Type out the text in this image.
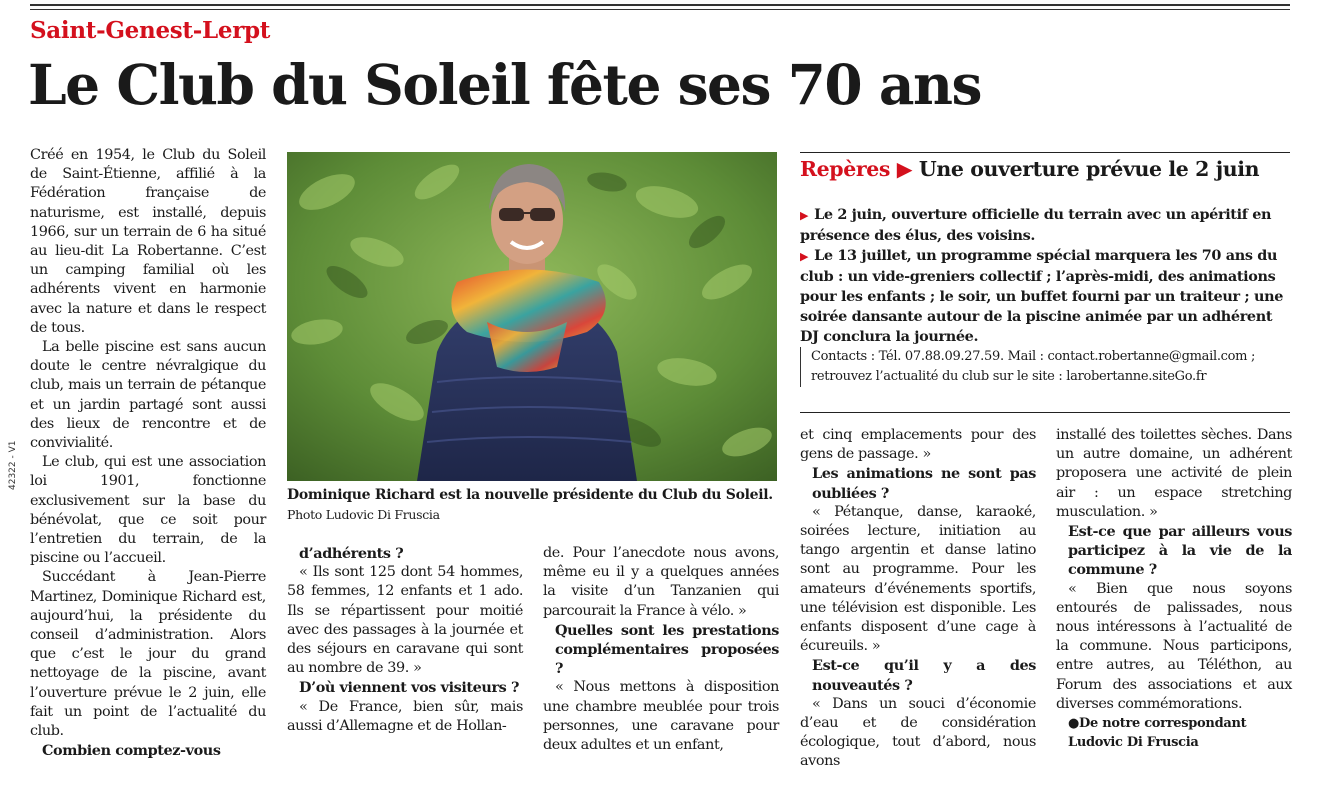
Saint-Genest-Lerpt
Le Club du Soleil fête ses 70 ans
42322 - V1

Créé en 1954, le Club du Soleil de Saint-Étienne, affilié à la Fédération française de naturisme, est installé, depuis 1966, sur un terrain de 6 ha situé au lieu-dit La Robertanne. C’est un camping familial où les adhérents vivent en harmonie avec la nature et dans le respect de tous.

La belle piscine est sans aucun doute le centre névralgique du club, mais un terrain de pétanque et un jardin partagé sont aussi des lieux de rencontre et de convivialité.

Le club, qui est une association loi 1901, fonctionne exclusivement sur la base du bénévolat, que ce soit pour l’entretien du terrain, de la piscine ou l’accueil.

Succédant à Jean-Pierre Martinez, Dominique Richard est, aujourd’hui, la présidente du conseil d’administration. Alors que c’est le jour du grand nettoyage de la piscine, avant l’ouverture prévue le 2 juin, elle fait un point de l’actualité du club.

Combien comptez-vous

Dominique Richard est la nouvelle présidente du Club du Soleil. Photo Ludovic Di Fruscia

d’adhérents ?

« Ils sont 125 dont 54 hommes, 58 femmes, 12 enfants et 1 ado. Ils se répartissent pour moitié avec des passages à la journée et des séjours en caravane qui sont au nombre de 39. »

D’où viennent vos visiteurs ?

« De France, bien sûr, mais aussi d’Allemagne et de Hollan-

de. Pour l’anecdote nous avons, même eu il y a quelques années la visite d’un Tanzanien qui parcourait la France à vélo. »

Quelles sont les prestations complémentaires proposées ?

« Nous mettons à disposition une chambre meublée pour trois personnes, une caravane pour deux adultes et un enfant,

Repères ▶ Une ouverture prévue le 2 juin
▶ Le 2 juin, ouverture officielle du terrain avec un apéritif en présence des élus, des voisins.
▶ Le 13 juillet, un programme spécial marquera les 70 ans du club : un vide-greniers collectif ; l’après-midi, des animations pour les enfants ; le soir, un buffet fourni par un traiteur ; une soirée dansante autour de la piscine animée par un adhérent DJ conclura la journée.
Contacts : Tél. 07.88.09.27.59. Mail : contact.robertanne@gmail.com ; retrouvez l’actualité du club sur le site : larobertanne.siteGo.fr

et cinq emplacements pour des gens de passage. »

Les animations ne sont pas oubliées ?

« Pétanque, danse, karaoké, soirées lecture, initiation au tango argentin et danse latino sont au programme. Pour les amateurs d’événements sportifs, une télévision est disponible. Les enfants disposent d’une cage à écureuils. »

Est-ce qu’il y a des nouveautés ?

« Dans un souci d’économie d’eau et de considération écologique, tout d’abord, nous avons

installé des toilettes sèches. Dans un autre domaine, un adhérent proposera une activité de plein air : un espace stretching musculation. »

Est-ce que par ailleurs vous participez à la vie de la commune ?

« Bien que nous soyons entourés de palissades, nous nous intéressons à l’actualité de la commune. Nous participons, entre autres, au Téléthon, au Forum des associations et aux diverses commémorations.

●De notre correspondant

Ludovic Di Fruscia
